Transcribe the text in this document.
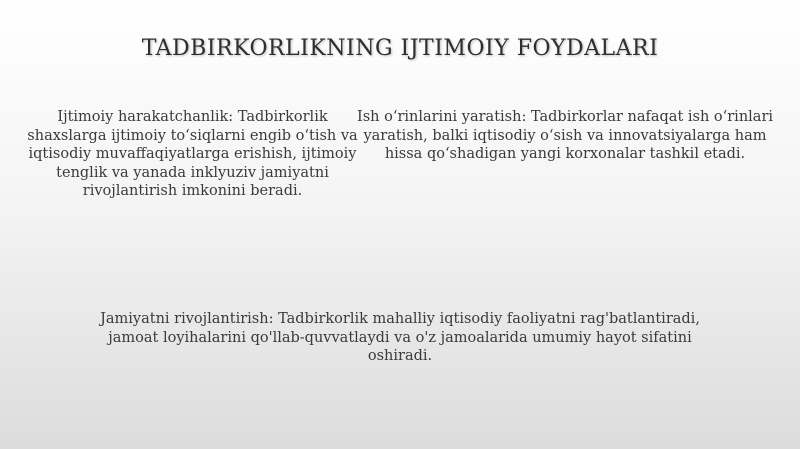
TADBIRKORLIKNING IJTIMOIY FOYDALARI
Ijtimoiy harakatchanlik: Tadbirkorlik shaxslarga ijtimoiy to‘siqlarni engib o‘tish va iqtisodiy muvaffaqiyatlarga erishish, ijtimoiy tenglik va yanada inklyuziv jamiyatni rivojlantirish imkonini beradi.
Ish o‘rinlarini yaratish: Tadbirkorlar nafaqat ish o‘rinlari yaratish, balki iqtisodiy o‘sish va innovatsiyalarga ham hissa qo‘shadigan yangi korxonalar tashkil etadi.
Jamiyatni rivojlantirish: Tadbirkorlik mahalliy iqtisodiy faoliyatni rag'batlantiradi, jamoat loyihalarini qo'llab-quvvatlaydi va o'z jamoalarida umumiy hayot sifatini oshiradi.
